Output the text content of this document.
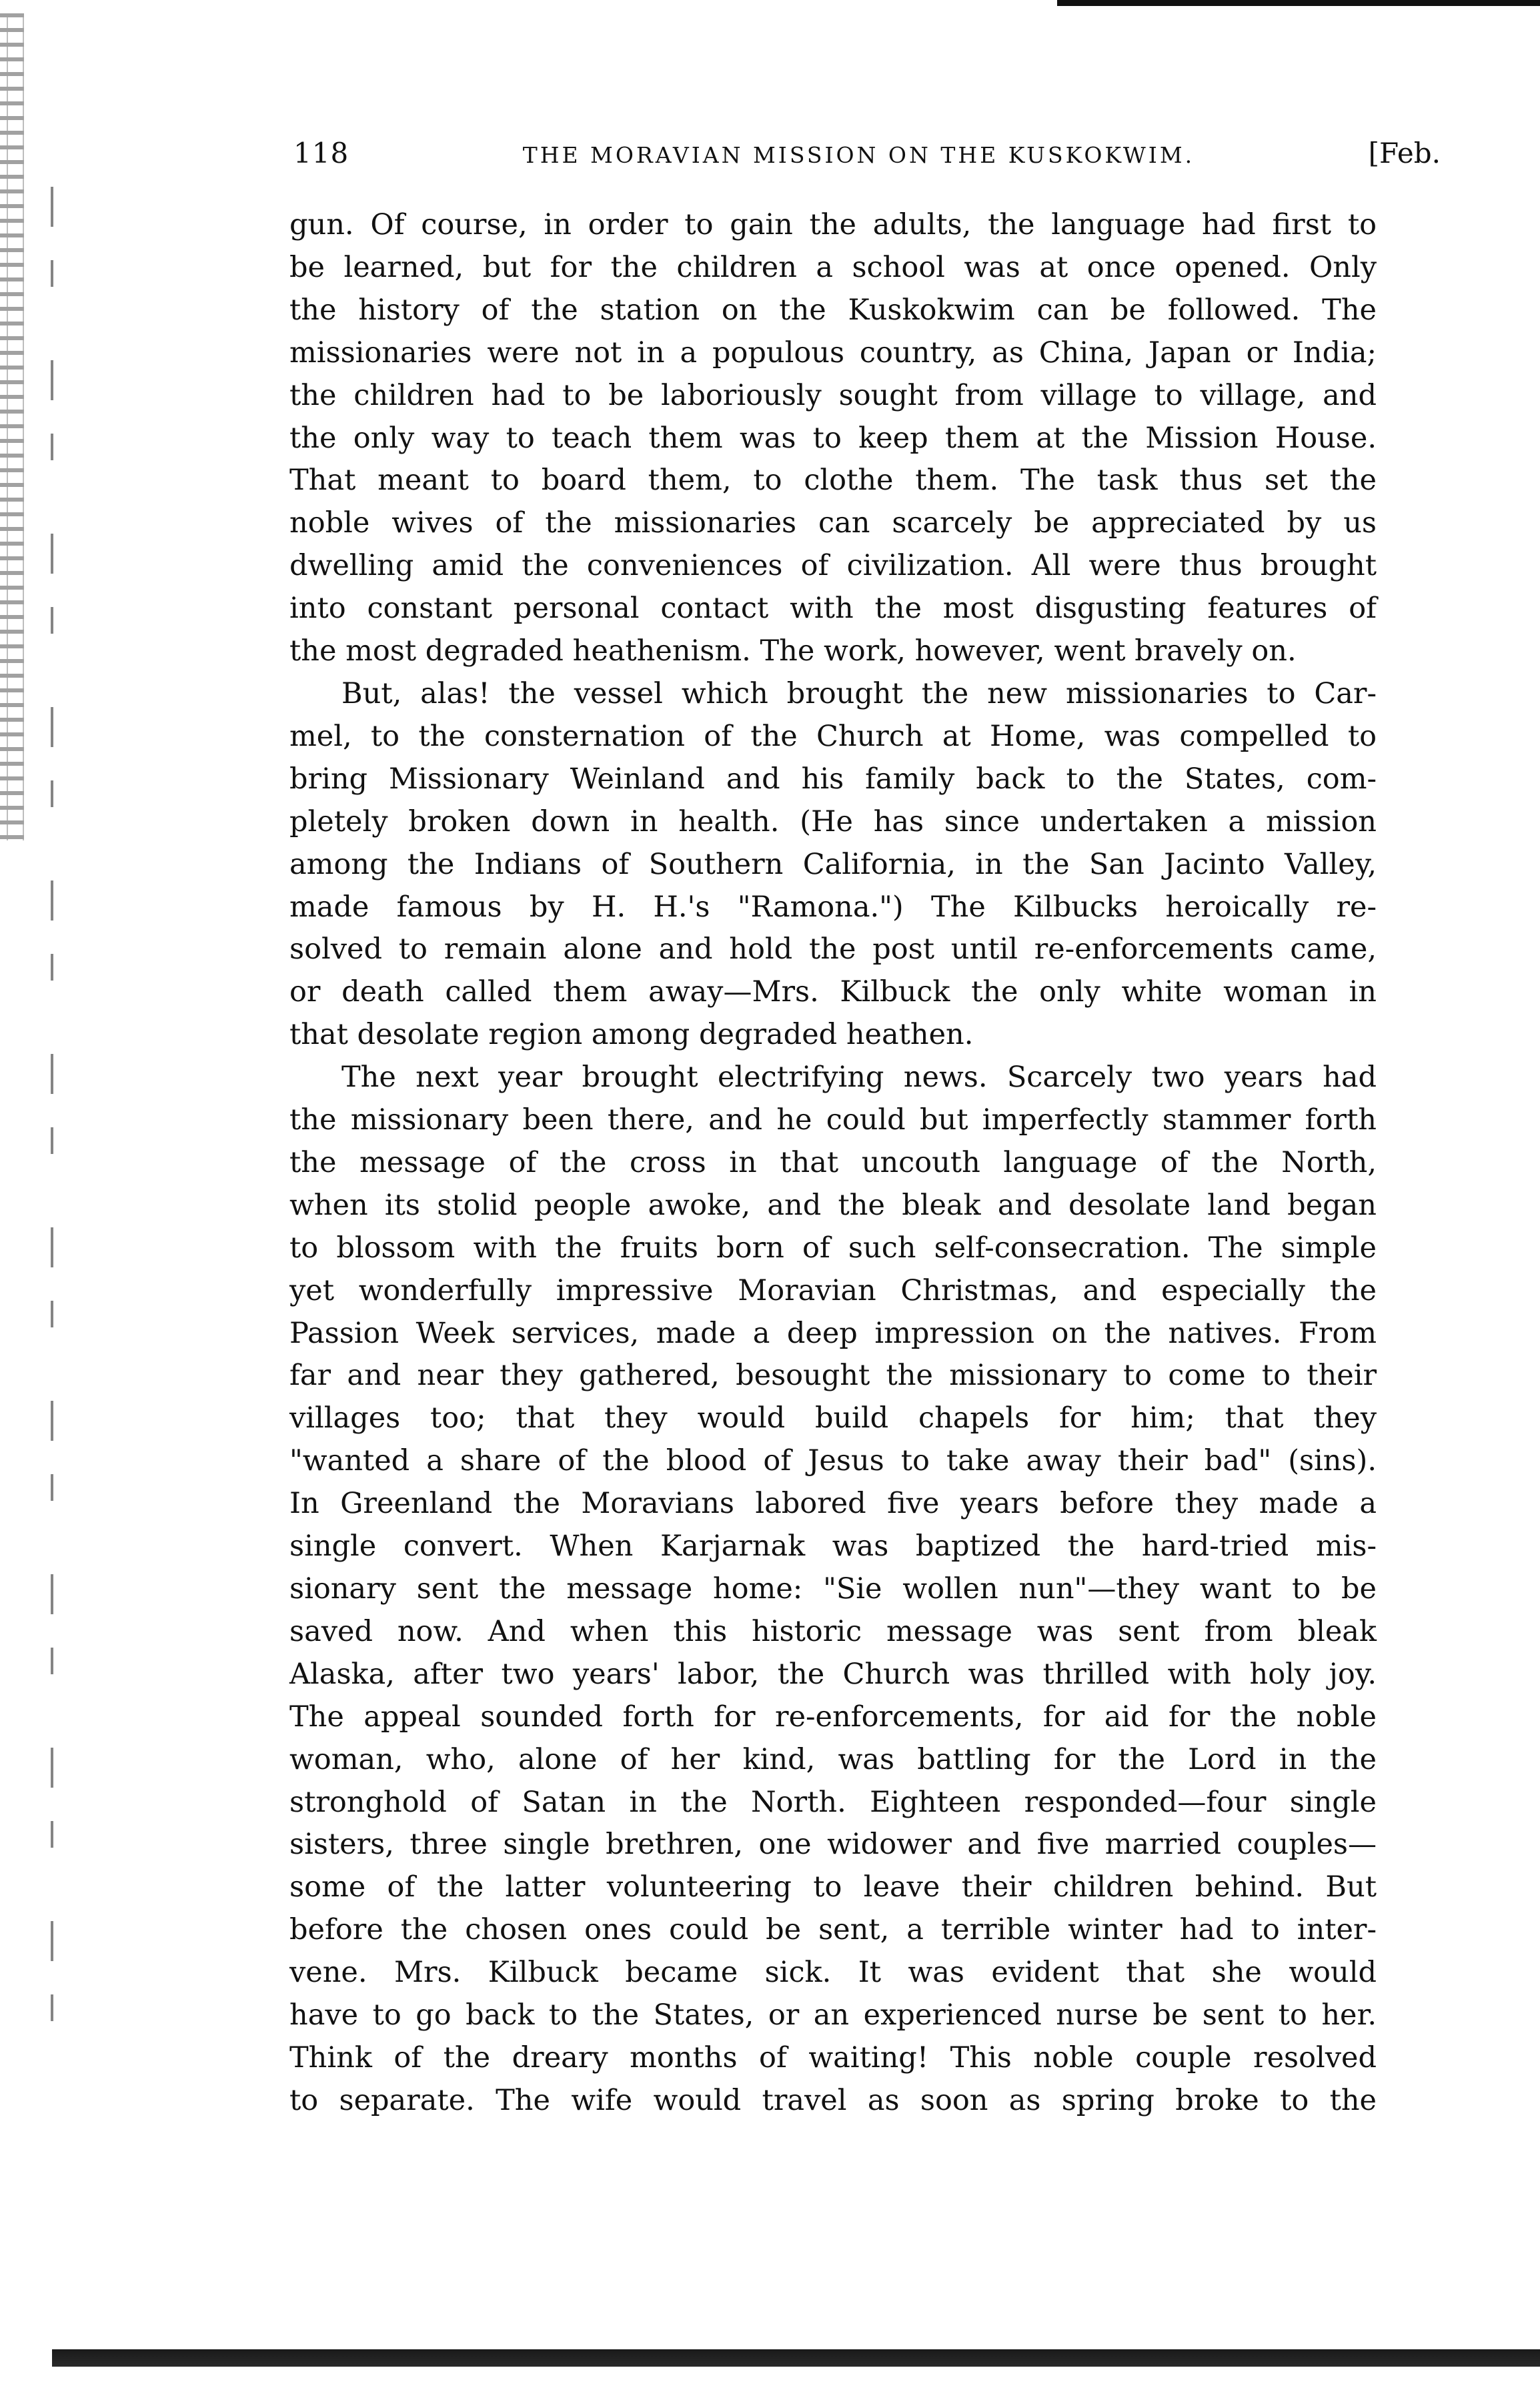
118	THE MORAVIAN MISSION ON THE KUSKOKWIM.	[Feb.
gun. Of course, in order to gain the adults, the language had first to
be learned, but for the children a school was at once opened. Only
the history of the station on the Kuskokwim can be followed. The
missionaries were not in a populous country, as China, Japan or India;
the children had to be laboriously sought from village to village, and
the only way to teach them was to keep them at the Mission House.
That meant to board them, to clothe them. The task thus set the
noble wives of the missionaries can scarcely be appreciated by us
dwelling amid the conveniences of civilization. All were thus brought
into constant personal contact with the most disgusting features of
the most degraded heathenism. The work, however, went bravely on.
But, alas! the vessel which brought the new missionaries to Car-
mel, to the consternation of the Church at Home, was compelled to
bring Missionary Weinland and his family back to the States, com-
pletely broken down in health. (He has since undertaken a mission
among the Indians of Southern California, in the San Jacinto Valley,
made famous by H. H.'s "Ramona.") The Kilbucks heroically re-
solved to remain alone and hold the post until re-enforcements came,
or death called them away—Mrs. Kilbuck the only white woman in
that desolate region among degraded heathen.
The next year brought electrifying news. Scarcely two years had
the missionary been there, and he could but imperfectly stammer forth
the message of the cross in that uncouth language of the North,
when its stolid people awoke, and the bleak and desolate land began
to blossom with the fruits born of such self-consecration. The simple
yet wonderfully impressive Moravian Christmas, and especially the
Passion Week services, made a deep impression on the natives. From
far and near they gathered, besought the missionary to come to their
villages too; that they would build chapels for him; that they
"wanted a share of the blood of Jesus to take away their bad" (sins).
In Greenland the Moravians labored five years before they made a
single convert. When Karjarnak was baptized the hard-tried mis-
sionary sent the message home: "Sie wollen nun"—they want to be
saved now. And when this historic message was sent from bleak
Alaska, after two years' labor, the Church was thrilled with holy joy.
The appeal sounded forth for re-enforcements, for aid for the noble
woman, who, alone of her kind, was battling for the Lord in the
stronghold of Satan in the North. Eighteen responded—four single
sisters, three single brethren, one widower and five married couples—
some of the latter volunteering to leave their children behind. But
before the chosen ones could be sent, a terrible winter had to inter-
vene. Mrs. Kilbuck became sick. It was evident that she would
have to go back to the States, or an experienced nurse be sent to her.
Think of the dreary months of waiting! This noble couple resolved
to separate. The wife would travel as soon as spring broke to the
